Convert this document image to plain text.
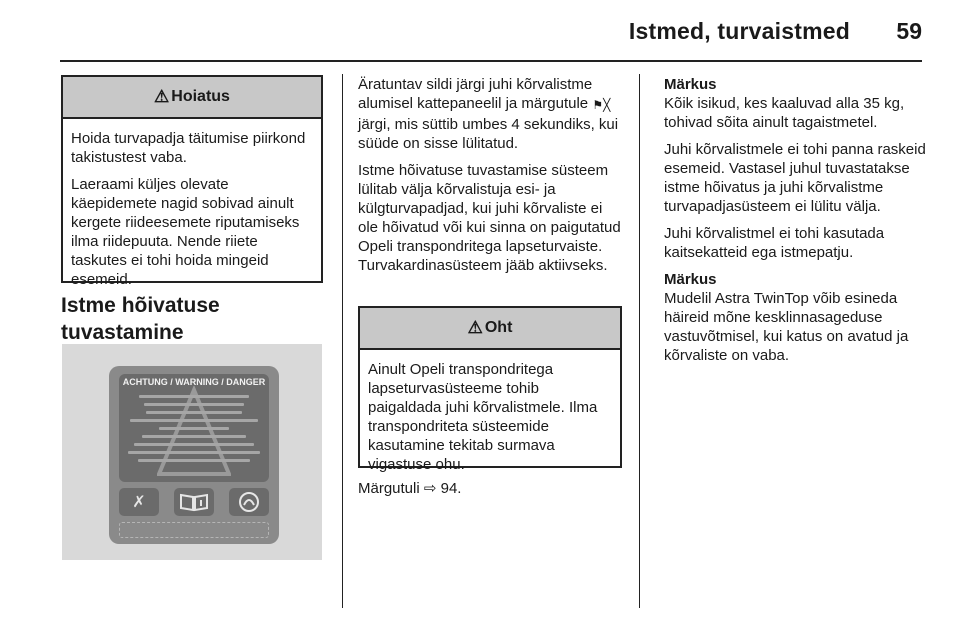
Istmed, turvaistmed 59
⚠ Hoiatus

Hoida turvapadja täitumise piirkond takistustest vaba.

Laeraami küljes olevate käepidemete nagid sobivad ainult kergete riideesemete riputamiseks ilma riidepuuta. Nende riiete taskutes ei tohi hoida mingeid esemeid.

Istme hõivatuse tuvastamine
ACHTUNG / WARNING / DANGER
✗

Äratuntav sildi järgi juhi kõrvalistme alumisel kattepaneelil ja märgutule ⚑╳ järgi, mis süttib umbes 4 sekundiks, kui süüde on sisse lülitatud.

Istme hõivatuse tuvastamise süsteem lülitab välja kõrvalistuja esi- ja külgturvapadjad, kui juhi kõrvaliste ei ole hõivatud või kui sinna on paigutatud Opeli transpondritega lapseturvaiste. Turvakardinasüsteem jääb aktiivseks.

⚠ Oht

Ainult Opeli transpondritega lapseturvasüsteeme tohib paigaldada juhi kõrvalistmele. Ilma transpondriteta süsteemide kasutamine tekitab surmava vigastuse ohu.

Märgutuli ⇨ 94.
Märkus

Kõik isikud, kes kaaluvad alla 35 kg, tohivad sõita ainult tagaistmetel.

Juhi kõrvalistmele ei tohi panna raskeid esemeid. Vastasel juhul tuvastatakse istme hõivatus ja juhi kõrvalistme turvapadjasüsteem ei lülitu välja.

Juhi kõrvalistmel ei tohi kasutada kaitsekatteid ega istmepatju.

Märkus

Mudelil Astra TwinTop võib esineda häireid mõne kesklinnasageduse vastuvõtmisel, kui katus on avatud ja kõrvaliste on vaba.
